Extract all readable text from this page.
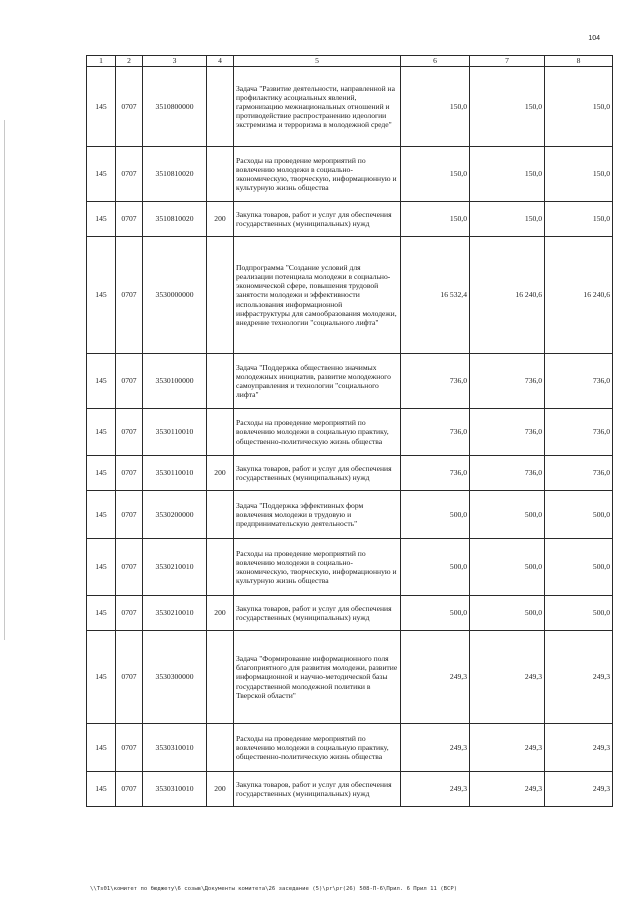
104
1	2	3	4	5	6	7	8
145	0707	3510800000		Задача "Развитие деятельности, направленной на профилактику асоциальных явлений, гармонизацию межнациональных отношений и противодействие распространению идеологии экстремизма и терроризма в молодежной среде"	150,0	150,0	150,0
145	0707	3510810020		Расходы на проведение мероприятий по вовлечению молодежи в социально-экономическую, творческую, информационную и культурную жизнь общества	150,0	150,0	150,0
145	0707	3510810020	200	Закупка товаров, работ и услуг для обеспечения государственных (муниципальных) нужд	150,0	150,0	150,0
145	0707	3530000000		Подпрограмма "Создание условий для реализации потенциала молодежи в социально-экономической сфере, повышения трудовой занятости молодежи и эффективности использования информационной инфраструктуры для самообразования молодежи, внедрение технологии "социального лифта"	16 532,4	16 240,6	16 240,6
145	0707	3530100000		Задача "Поддержка общественно значимых молодежных инициатив, развитие молодежного самоуправления и технологии "социального лифта"	736,0	736,0	736,0
145	0707	3530110010		Расходы на проведение мероприятий по вовлечению молодежи в социальную практику, общественно-политическую жизнь общества	736,0	736,0	736,0
145	0707	3530110010	200	Закупка товаров, работ и услуг для обеспечения государственных (муниципальных) нужд	736,0	736,0	736,0
145	0707	3530200000		Задача "Поддержка эффективных форм вовлечения молодежи в трудовую и предпринимательскую деятельность"	500,0	500,0	500,0
145	0707	3530210010		Расходы на проведение мероприятий по вовлечению молодежи в социально-экономическую, творческую, информационную и культурную жизнь общества	500,0	500,0	500,0
145	0707	3530210010	200	Закупка товаров, работ и услуг для обеспечения государственных (муниципальных) нужд	500,0	500,0	500,0
145	0707	3530300000		Задача "Формирование информационного поля благоприятного для развития молодежи, развитие информационной и научно-методической базы государственной молодежной политики в Тверской области"	249,3	249,3	249,3
145	0707	3530310010		Расходы на проведение мероприятий по вовлечению молодежи в социальную практику, общественно-политическую жизнь общества	249,3	249,3	249,3
145	0707	3530310010	200	Закупка товаров, работ и услуг для обеспечения государственных (муниципальных) нужд	249,3	249,3	249,3
\\Ts01\комитет по бюджету\6 созыв\Документы комитета\26 заседание (5)\pr\pr(26) 508-П-6\Прил. 6 Прил 11 (ВСР)
